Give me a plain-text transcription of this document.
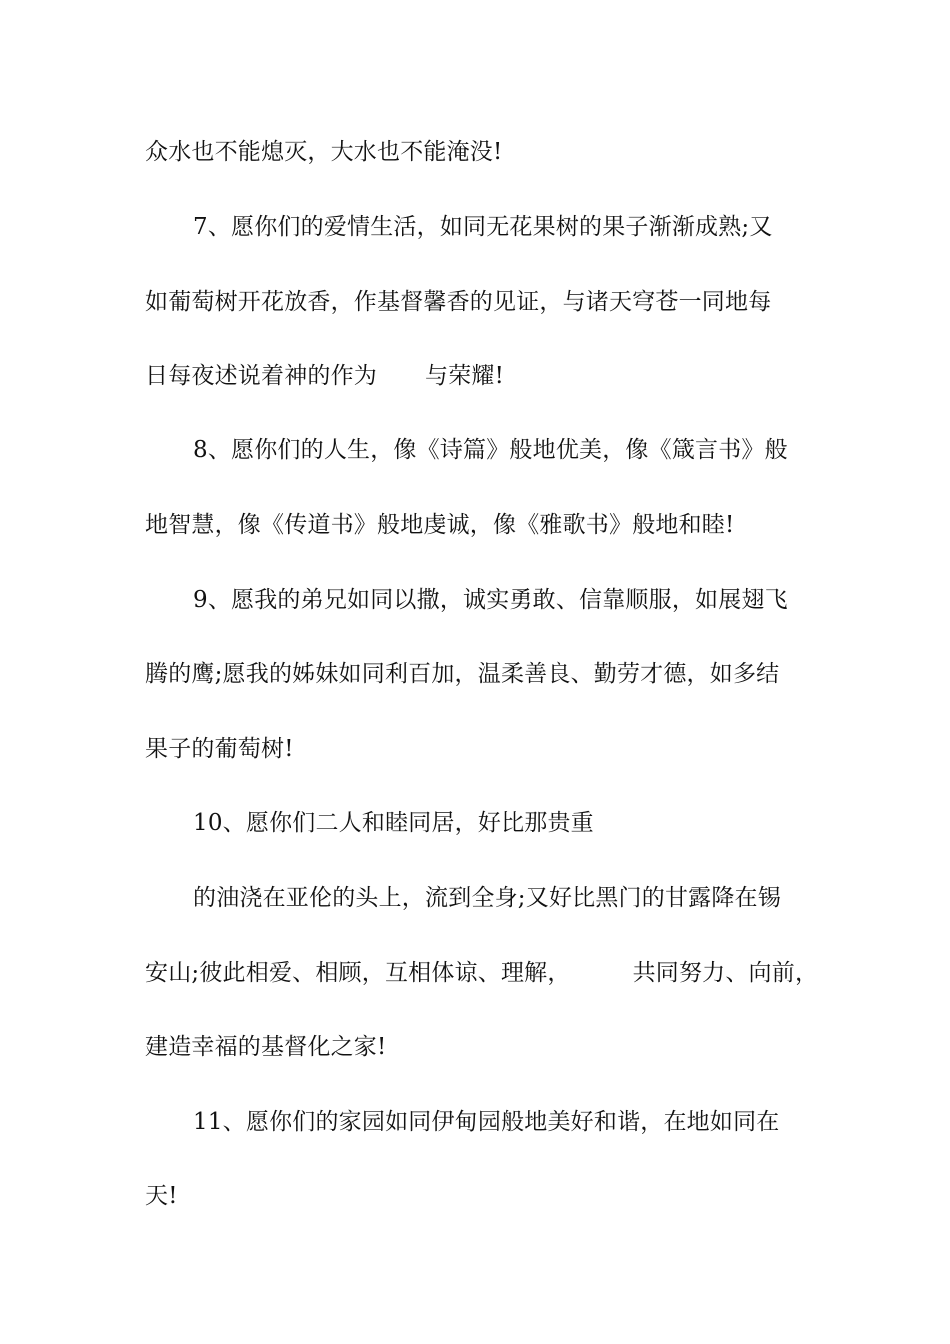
众水也不能熄灭，大水也不能淹没!
7、愿你们的爱情生活，如同无花果树的果子渐渐成熟;又
如葡萄树开花放香，作基督馨香的见证，与诸天穹苍一同地每
日每夜述说着神的作为 与荣耀!
8、愿你们的人生，像《诗篇》般地优美，像《箴言书》般
地智慧，像《传道书》般地虔诚，像《雅歌书》般地和睦!
9、愿我的弟兄如同以撒，诚实勇敢、信靠顺服，如展翅飞
腾的鹰;愿我的姊妹如同利百加，温柔善良、勤劳才德，如多结
果子的葡萄树!
10、愿你们二人和睦同居，好比那贵重
的油浇在亚伦的头上，流到全身;又好比黑门的甘露降在锡
安山;彼此相爱、相顾，互相体谅、理解，	共同努力、向前，
建造幸福的基督化之家!
11、愿你们的家园如同伊甸园般地美好和谐，在地如同在
天!
